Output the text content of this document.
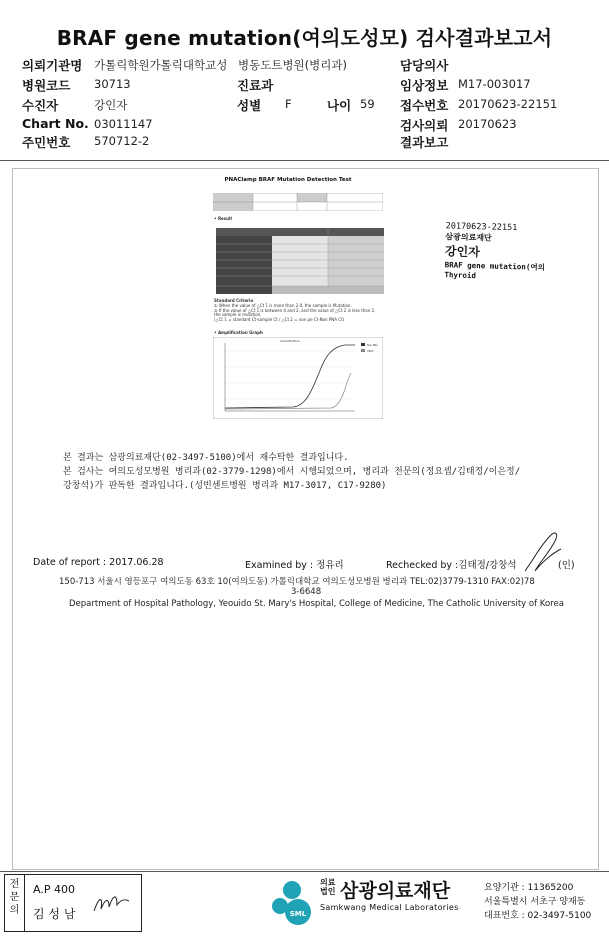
BRAF gene mutation(여의도성모) 검사결과보고서
의뢰기관명 가톨릭학원가톨릭대학교성 병동도트병원(병리과)	담당의사
병원코드 30713	진료과	임상정보 M17-003017
수진자	강인자	성별 F	나이 59 접수번호 20170623-22151
Chart No. 03011147	검사의뢰 20170623
주민번호 570712-2	결과보고
PNAClamp BRAF Mutation Detection Test
• Result
Standard Criteria
① When the value of △Ct 1 is more than 2.0, the sample is Mutation.
② If the value of △Ct 1 is between 0 and 2, and the value of △Ct 2 is less than 2,
the sample is mutation.
(△Ct 1 = standard Ct-sample Ct / △Ct 2 = non pe Ct-Non PNA Ct)
• Amplification Graph
Amplification
Non PNA
V600
20170623-22151
삼광의료재단
강인자
BRAF gene mutation(여의
Thyroid
본 결과는 삼광의료재단(02-3497-5100)에서 재수탁한 결과입니다.
본 검사는 여의도성모병원 병리과(02-3779-1298)에서 시행되었으며, 병리과 전문의(정요셉/김태정/이은정/
강창석)가 판독한 결과입니다.(성빈센트병원 병리과 M17-3017, C17-9280)
Date of report : 2017.06.28	Examined by : 정유리	Rechecked by :김태정/강창석	(인)
150-713 서울시 영등포구 여의도동 63호 10(여의도동) 가톨릭대학교 여의도성모병원 병리과 TEL:02)3779-1310 FAX:02)78
3-6648
Department of Hospital Pathology, Yeouido St. Mary's Hospital, College of Medicine, The Catholic University of Korea
전문의
A.P 400
김 성 남	SML
의료
법인 삼광의료재단
Samkwang Medical Laboratories
요양기관 : 11365200
서울특별시 서초구 양재동
대표번호 : 02-3497-5100
